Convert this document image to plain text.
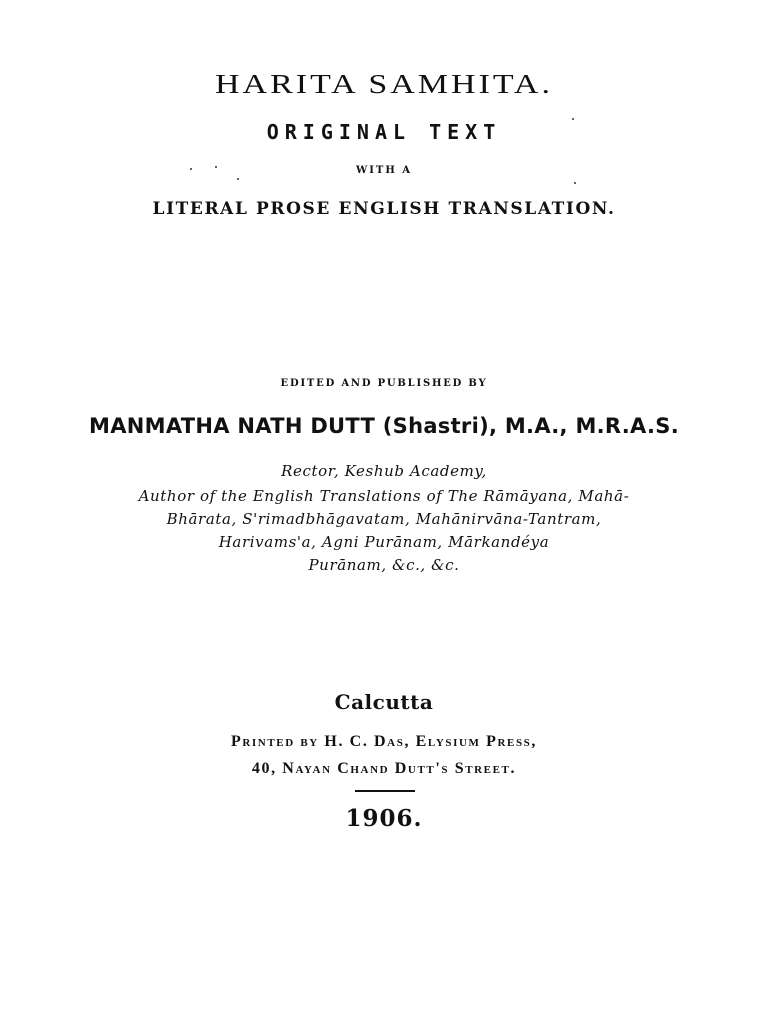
HARITA SAMHITA.
ORIGINAL TEXT
WITH A
LITERAL PROSE ENGLISH TRANSLATION.
EDITED AND PUBLISHED BY
MANMATHA NATH DUTT (Shastri), M.A., M.R.A.S.
Rector, Keshub Academy,
Author of the English Translations of The Rāmāyana, Mahā-
Bhārata, S'rimadbhāgavatam, Mahānirvāna-Tantram,
Harivams'a, Agni Purānam, Mārkandéya
Purānam, &c., &c.
Calcutta
Printed by H. C. Das, Elysium Press,
40, Nayan Chand Dutt's Street.
1906.
